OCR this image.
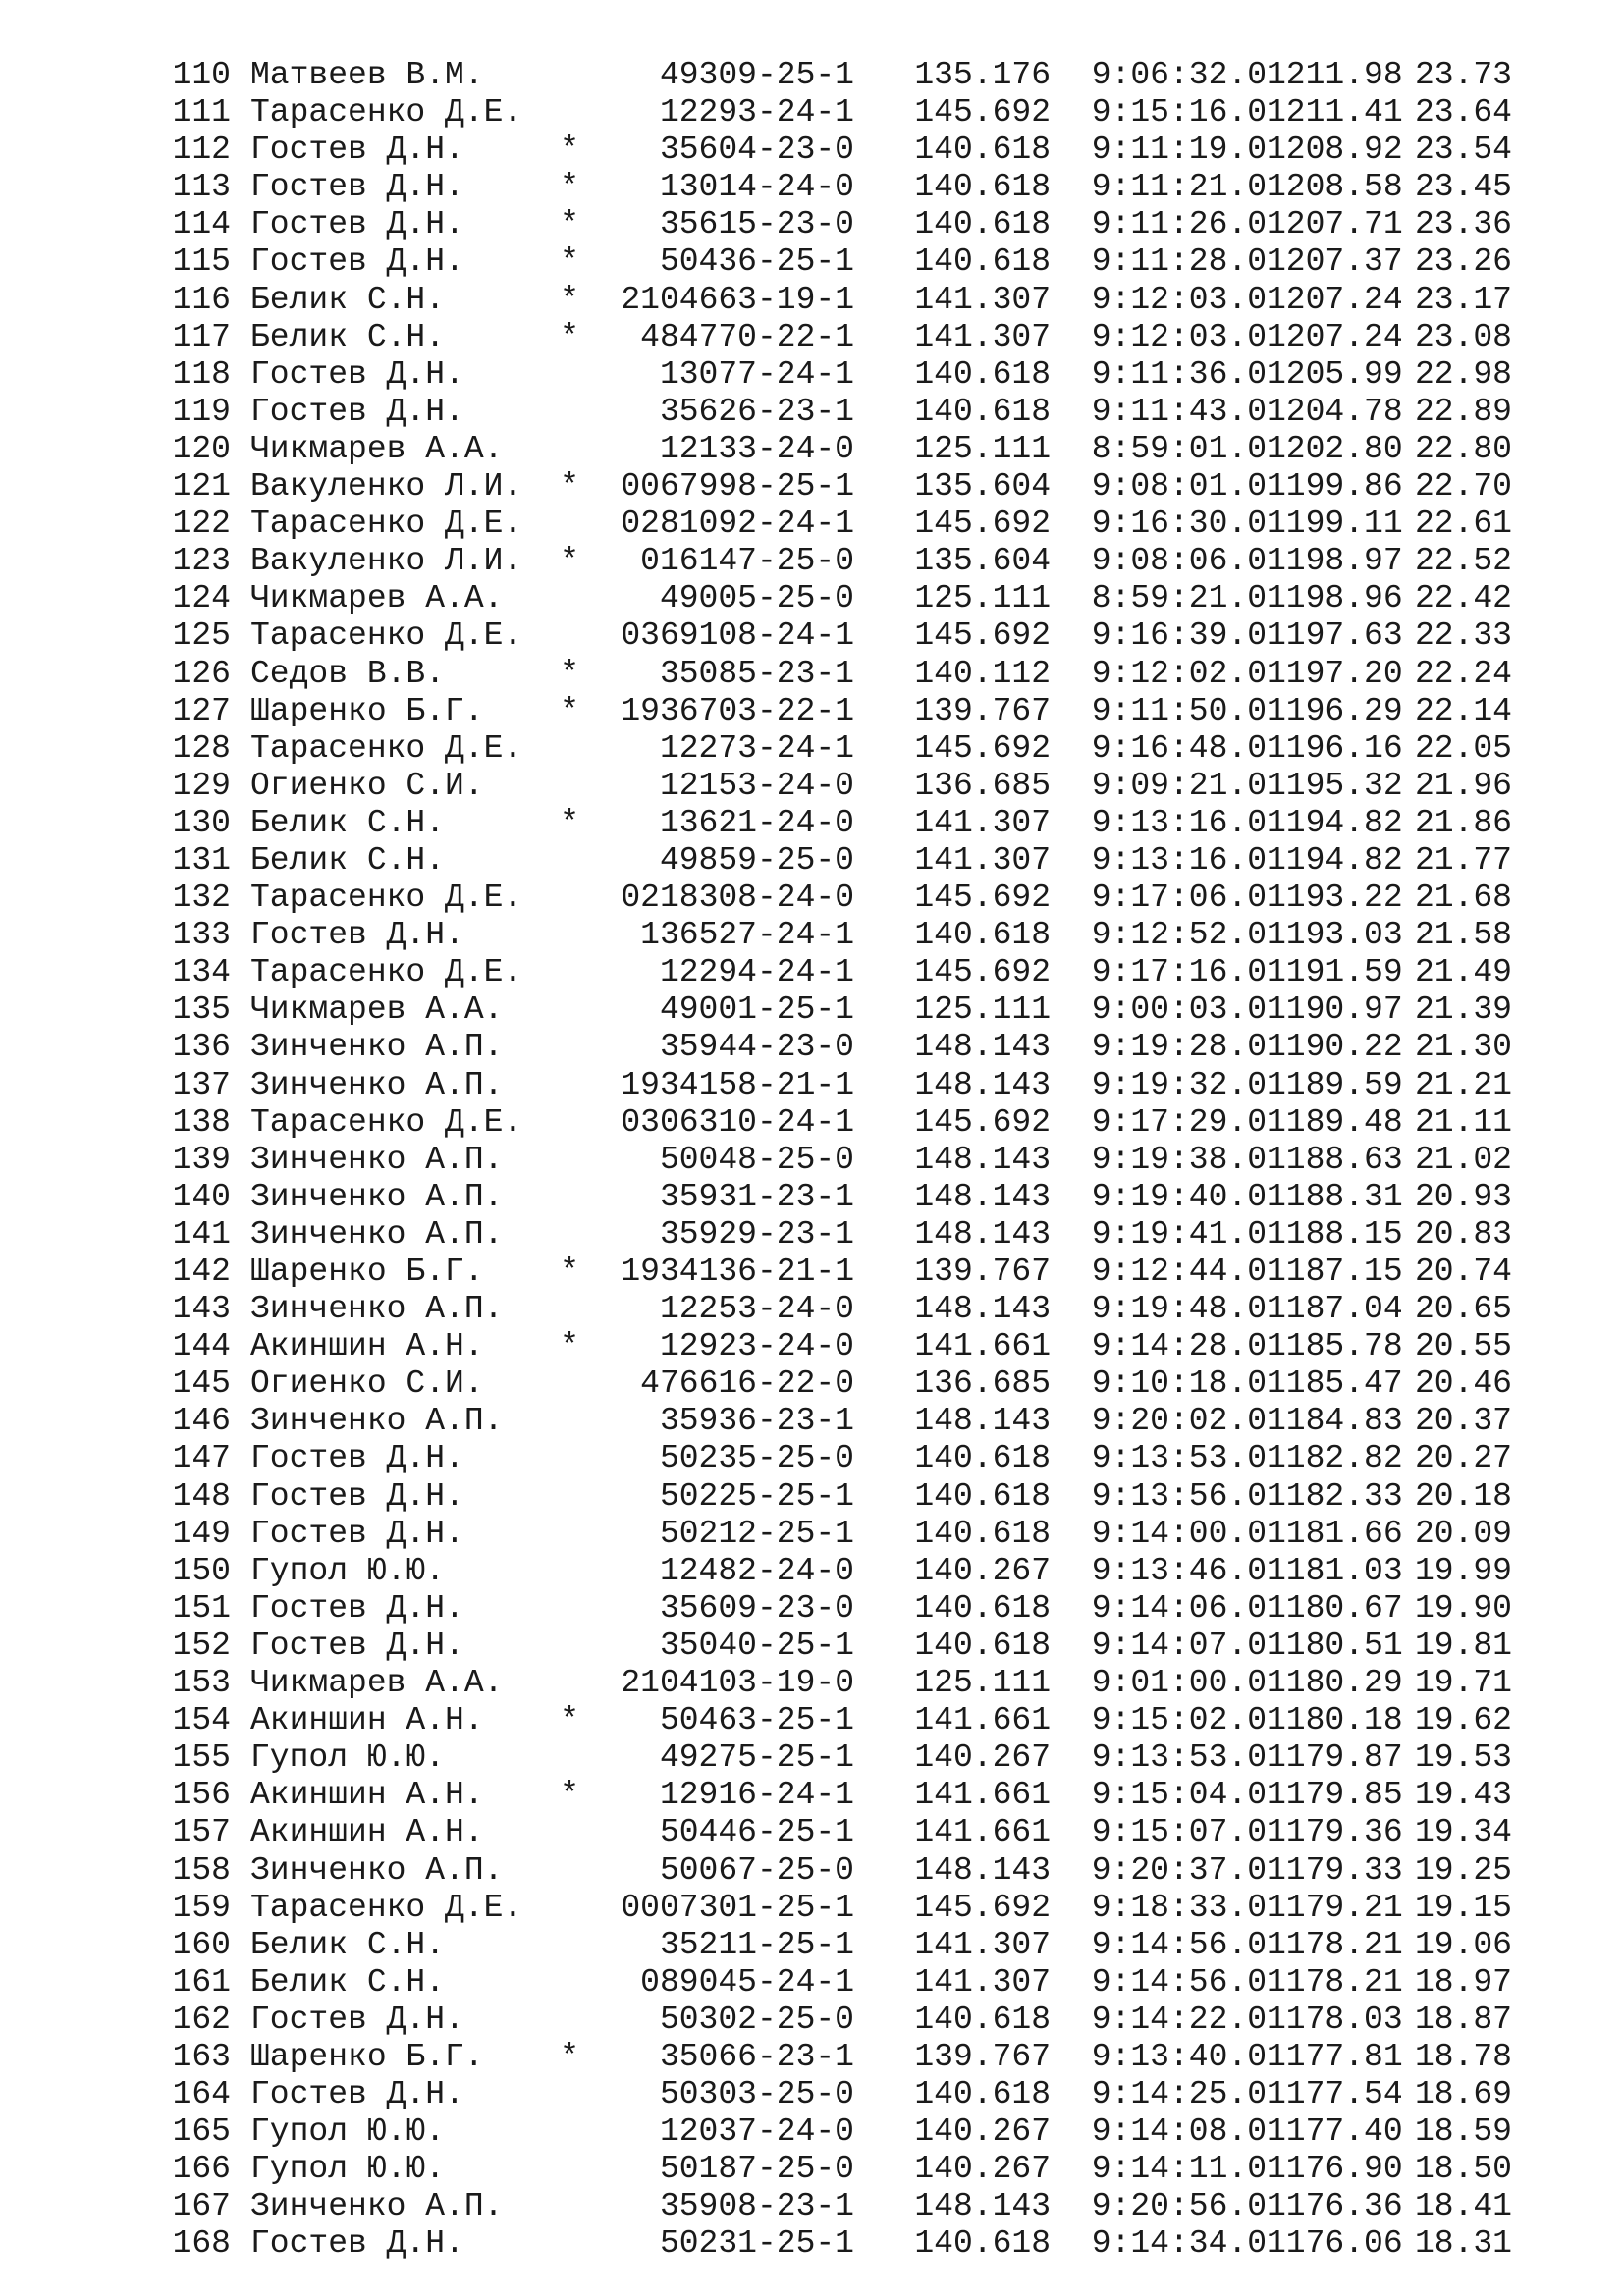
110 Матвеев В.М.	49309-25-1 135.176 9:06:32.01211.98 23.73
111 Тарасенко Д.Е.	12293-24-1 145.692 9:15:16.01211.41 23.64
112 Гостев Д.Н.	* 35604-23-0 140.618 9:11:19.01208.92 23.54
113 Гостев Д.Н.	* 13014-24-0 140.618 9:11:21.01208.58 23.45
114 Гостев Д.Н.	* 35615-23-0 140.618 9:11:26.01207.71 23.36
115 Гостев Д.Н.	* 50436-25-1 140.618 9:11:28.01207.37 23.26
116 Белик С.Н.	* 2104663-19-1 141.307 9:12:03.01207.24 23.17
117 Белик С.Н.	* 484770-22-1 141.307 9:12:03.01207.24 23.08
118 Гостев Д.Н.	13077-24-1 140.618 9:11:36.01205.99 22.98
119 Гостев Д.Н.	35626-23-1 140.618 9:11:43.01204.78 22.89
120 Чикмарев А.А.	12133-24-0 125.111 8:59:01.01202.80 22.80
121 Вакуленко Л.И. * 0067998-25-1 135.604 9:08:01.01199.86 22.70
122 Тарасенко Д.Е.	0281092-24-1 145.692 9:16:30.01199.11 22.61
123 Вакуленко Л.И. * 016147-25-0 135.604 9:08:06.01198.97 22.52
124 Чикмарев А.А.	49005-25-0 125.111 8:59:21.01198.96 22.42
125 Тарасенко Д.Е.	0369108-24-1 145.692 9:16:39.01197.63 22.33
126 Седов В.В.	* 35085-23-1 140.112 9:12:02.01197.20 22.24
127 Шаренко Б.Г. * 1936703-22-1 139.767 9:11:50.01196.29 22.14
128 Тарасенко Д.Е.	12273-24-1 145.692 9:16:48.01196.16 22.05
129 Огиенко С.И.	12153-24-0 136.685 9:09:21.01195.32 21.96
130 Белик С.Н.	* 13621-24-0 141.307 9:13:16.01194.82 21.86
131 Белик С.Н.	49859-25-0 141.307 9:13:16.01194.82 21.77
132 Тарасенко Д.Е.	0218308-24-0 145.692 9:17:06.01193.22 21.68
133 Гостев Д.Н.	136527-24-1 140.618 9:12:52.01193.03 21.58
134 Тарасенко Д.Е.	12294-24-1 145.692 9:17:16.01191.59 21.49
135 Чикмарев А.А.	49001-25-1 125.111 9:00:03.01190.97 21.39
136 Зинченко А.П.	35944-23-0 148.143 9:19:28.01190.22 21.30
137 Зинченко А.П.	1934158-21-1 148.143 9:19:32.01189.59 21.21
138 Тарасенко Д.Е.	0306310-24-1 145.692 9:17:29.01189.48 21.11
139 Зинченко А.П.	50048-25-0 148.143 9:19:38.01188.63 21.02
140 Зинченко А.П.	35931-23-1 148.143 9:19:40.01188.31 20.93
141 Зинченко А.П.	35929-23-1 148.143 9:19:41.01188.15 20.83
142 Шаренко Б.Г. * 1934136-21-1 139.767 9:12:44.01187.15 20.74
143 Зинченко А.П.	12253-24-0 148.143 9:19:48.01187.04 20.65
144 Акиншин А.Н. * 12923-24-0 141.661 9:14:28.01185.78 20.55
145 Огиенко С.И.	476616-22-0 136.685 9:10:18.01185.47 20.46
146 Зинченко А.П.	35936-23-1 148.143 9:20:02.01184.83 20.37
147 Гостев Д.Н.	50235-25-0 140.618 9:13:53.01182.82 20.27
148 Гостев Д.Н.	50225-25-1 140.618 9:13:56.01182.33 20.18
149 Гостев Д.Н.	50212-25-1 140.618 9:14:00.01181.66 20.09
150 Гупол Ю.Ю.	12482-24-0 140.267 9:13:46.01181.03 19.99
151 Гостев Д.Н.	35609-23-0 140.618 9:14:06.01180.67 19.90
152 Гостев Д.Н.	35040-25-1 140.618 9:14:07.01180.51 19.81
153 Чикмарев А.А.	2104103-19-0 125.111 9:01:00.01180.29 19.71
154 Акиншин А.Н. * 50463-25-1 141.661 9:15:02.01180.18 19.62
155 Гупол Ю.Ю.	49275-25-1 140.267 9:13:53.01179.87 19.53
156 Акиншин А.Н. * 12916-24-1 141.661 9:15:04.01179.85 19.43
157 Акиншин А.Н.	50446-25-1 141.661 9:15:07.01179.36 19.34
158 Зинченко А.П.	50067-25-0 148.143 9:20:37.01179.33 19.25
159 Тарасенко Д.Е.	0007301-25-1 145.692 9:18:33.01179.21 19.15
160 Белик С.Н.	35211-25-1 141.307 9:14:56.01178.21 19.06
161 Белик С.Н.	089045-24-1 141.307 9:14:56.01178.21 18.97
162 Гостев Д.Н.	50302-25-0 140.618 9:14:22.01178.03 18.87
163 Шаренко Б.Г. * 35066-23-1 139.767 9:13:40.01177.81 18.78
164 Гостев Д.Н.	50303-25-0 140.618 9:14:25.01177.54 18.69
165 Гупол Ю.Ю.	12037-24-0 140.267 9:14:08.01177.40 18.59
166 Гупол Ю.Ю.	50187-25-0 140.267 9:14:11.01176.90 18.50
167 Зинченко А.П.	35908-23-1 148.143 9:20:56.01176.36 18.41
168 Гостев Д.Н.	50231-25-1 140.618 9:14:34.01176.06 18.31
